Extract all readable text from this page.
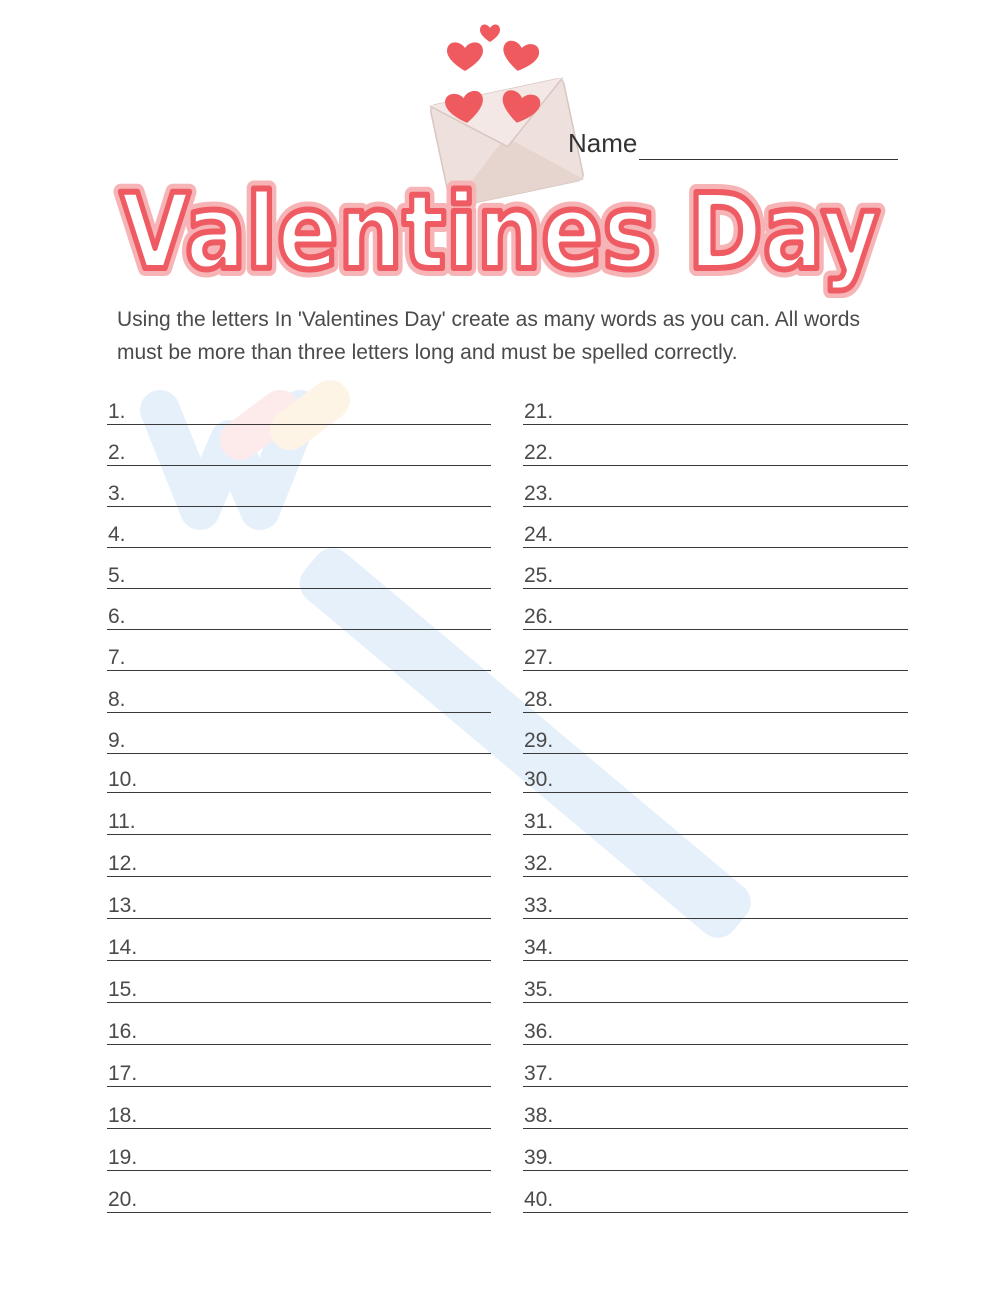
Name
Valentines Day
Valentines Day
Using the letters In 'Valentines Day' create as many words as you can. All words must be more than three letters long and must be spelled correctly.
1.
2.
3.
4.
5.
6.
7.
8.
9.
10.
11.
12.
13.
14.
15.
16.
17.
18.
19.
20.
21.
22.
23.
24.
25.
26.
27.
28.
29.
30.
31.
32.
33.
34.
35.
36.
37.
38.
39.
40.
